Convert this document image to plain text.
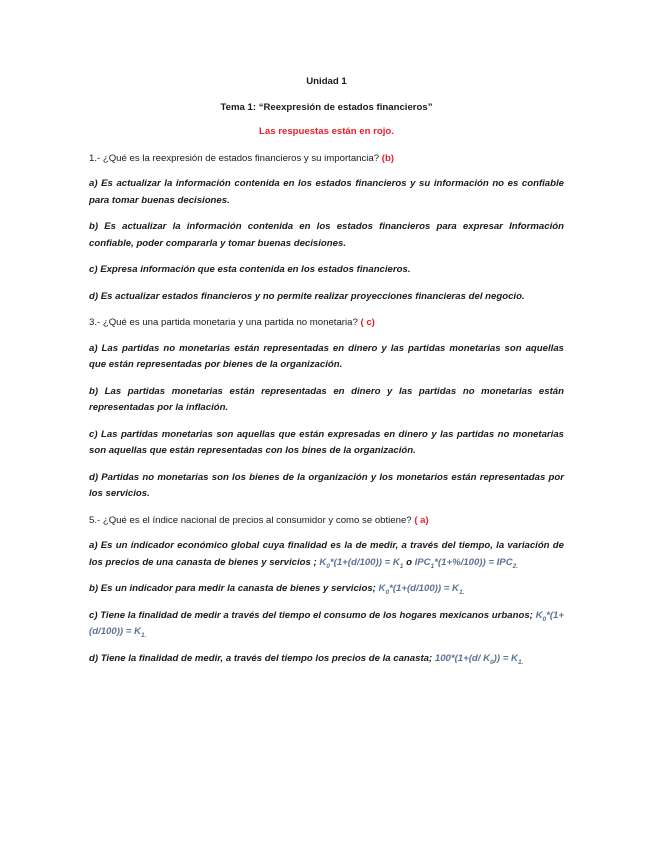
Unidad 1

Tema 1: “Reexpresión de estados financieros”

Las respuestas están en rojo.

1.- ¿Qué es la reexpresión de estados financieros y su importancia? (b)

a) Es actualizar la información contenida en los estados financieros y su información no es confiable para tomar buenas decisiones.

b) Es actualizar la información contenida en los estados financieros para expresar Información confiable, poder compararla y tomar buenas decisiones.

c) Expresa información que esta contenida en los estados financieros.

d) Es actualizar estados financieros y no permite realizar proyecciones financieras del negocio.

3.- ¿Qué es una partida monetaria y una partida no monetaria? ( c)

a) Las partidas no monetarias están representadas en dinero y las partidas monetarias son aquellas que están representadas por bienes de la organización.

b) Las partidas monetarias están representadas en dinero y las partidas no monetarias están representadas por la inflación.

c) Las partidas monetarias son aquellas que están expresadas en dinero y las partidas no monetarias son aquellas que están representadas con los bines de la organización.

d) Partidas no monetarias son los bienes de la organización y los monetarios están representadas por los servicios.

5.- ¿Qué es el índice nacional de precios al consumidor y como se obtiene? ( a)

a) Es un indicador económico global cuya finalidad es la de medir, a través del tiempo, la variación de los precios de una canasta de bienes y servicios ; $K_0*(1+(d/100)) = K_1$ o $IPC_1*(1+\%/100)) = IPC_{2.}$

b) Es un indicador para medir la canasta de bienes y servicios; $K_0*(1+(d/100)) = K_{1.}$

c) Tiene la finalidad de medir a través del tiempo el consumo de los hogares mexicanos urbanos; $K_0*(1+(d/100)) = K_{1.}$

d) Tiene la finalidad de medir, a través del tiempo los precios de la canasta; 100*(1+(d/ $K_0)) = K_{1.}$
